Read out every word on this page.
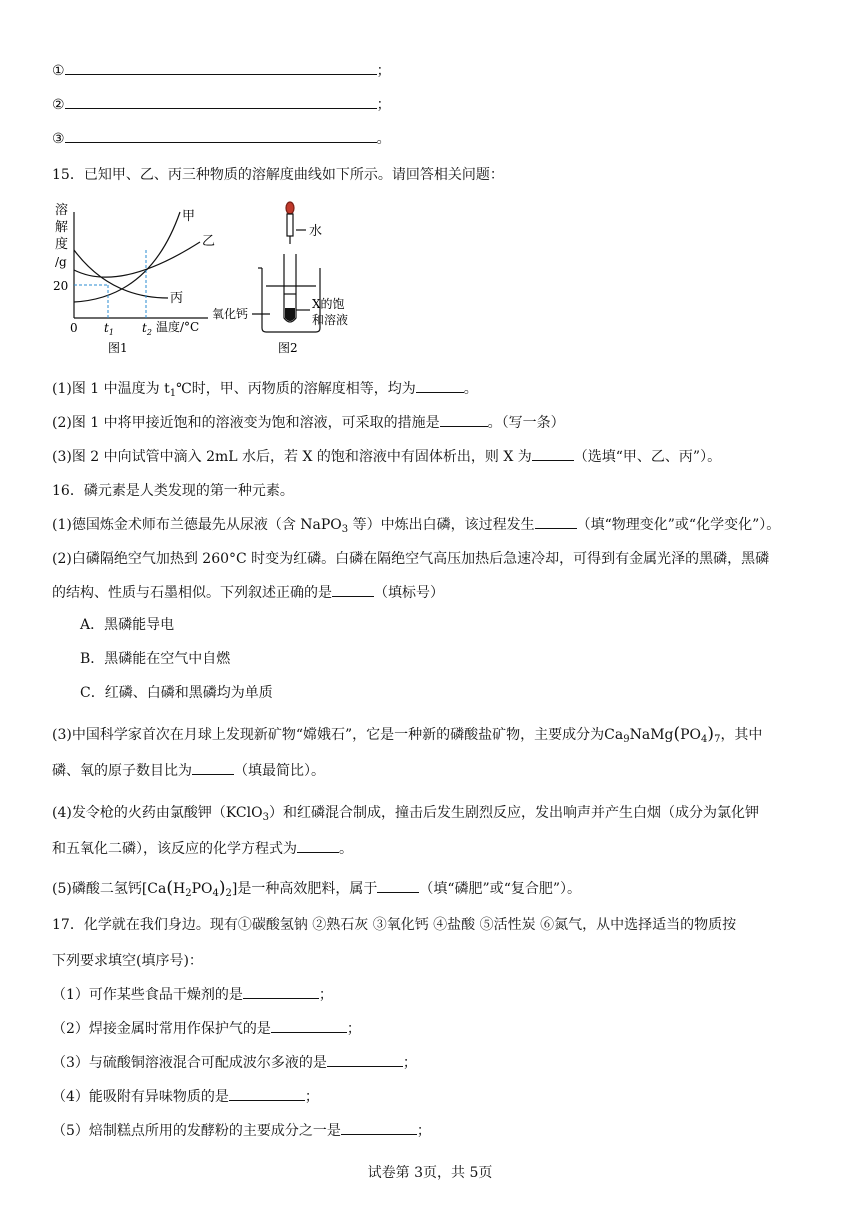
①	；
②	；
③	。
15．已知甲、乙、丙三种物质的溶解度曲线如下所示。请回答相关问题：
溶
解
度
/g
20
0 $t_1$ $t_2$ 温度/°C
甲
乙
丙
图1
水
氧化钙
X的饱
和溶液
图2
(1)图 1 中温度为 $t_1℃$时，甲、丙物质的溶解度相等，均为	。
(2)图 1 中将甲接近饱和的溶液变为饱和溶液，可采取的措施是	。（写一条）
(3)图 2 中向试管中滴入 2mL 水后，若 X 的饱和溶液中有固体析出，则 X 为	（选填“甲、乙、丙”）。
16．磷元素是人类发现的第一种元素。
(1)德国炼金术师布兰德最先从尿液（含 NaPO$_3$ 等）中炼出白磷，该过程发生	（填“物理变化”或“化学变化”）。
(2)白磷隔绝空气加热到 260°C 时变为红磷。白磷在隔绝空气高压加热后急速冷却，可得到有金属光泽的黑磷，黑磷
的结构、性质与石墨相似。下列叙述正确的是	（填标号）
A．黑磷能导电
B．黑磷能在空气中自燃
C．红磷、白磷和黑磷均为单质
(3)中国科学家首次在月球上发现新矿物“嫦娥石”，它是一种新的磷酸盐矿物，主要成分为$Ca_9NaMg(PO_4)_7$，其中
磷、氧的原子数目比为	（填最简比）。
(4)发令枪的火药由氯酸钾（KClO$_3$）和红磷混合制成，撞击后发生剧烈反应，发出响声并产生白烟（成分为氯化钾
和五氧化二磷），该反应的化学方程式为	。
(5)磷酸二氢钙$[Ca(H_2PO_4)_2]$是一种高效肥料，属于	（填“磷肥”或“复合肥”）。
17．化学就在我们身边。现有①碳酸氢钠 ②熟石灰 ③氧化钙 ④盐酸 ⑤活性炭 ⑥氮气，从中选择适当的物质按
下列要求填空(填序号)：
（1）可作某些食品干燥剂的是	；
（2）焊接金属时常用作保护气的是	；
（3）与硫酸铜溶液混合可配成波尔多液的是	；
（4）能吸附有异味物质的是	；
（5）焙制糕点所用的发酵粉的主要成分之一是	；
试卷第 3页，共 5页
